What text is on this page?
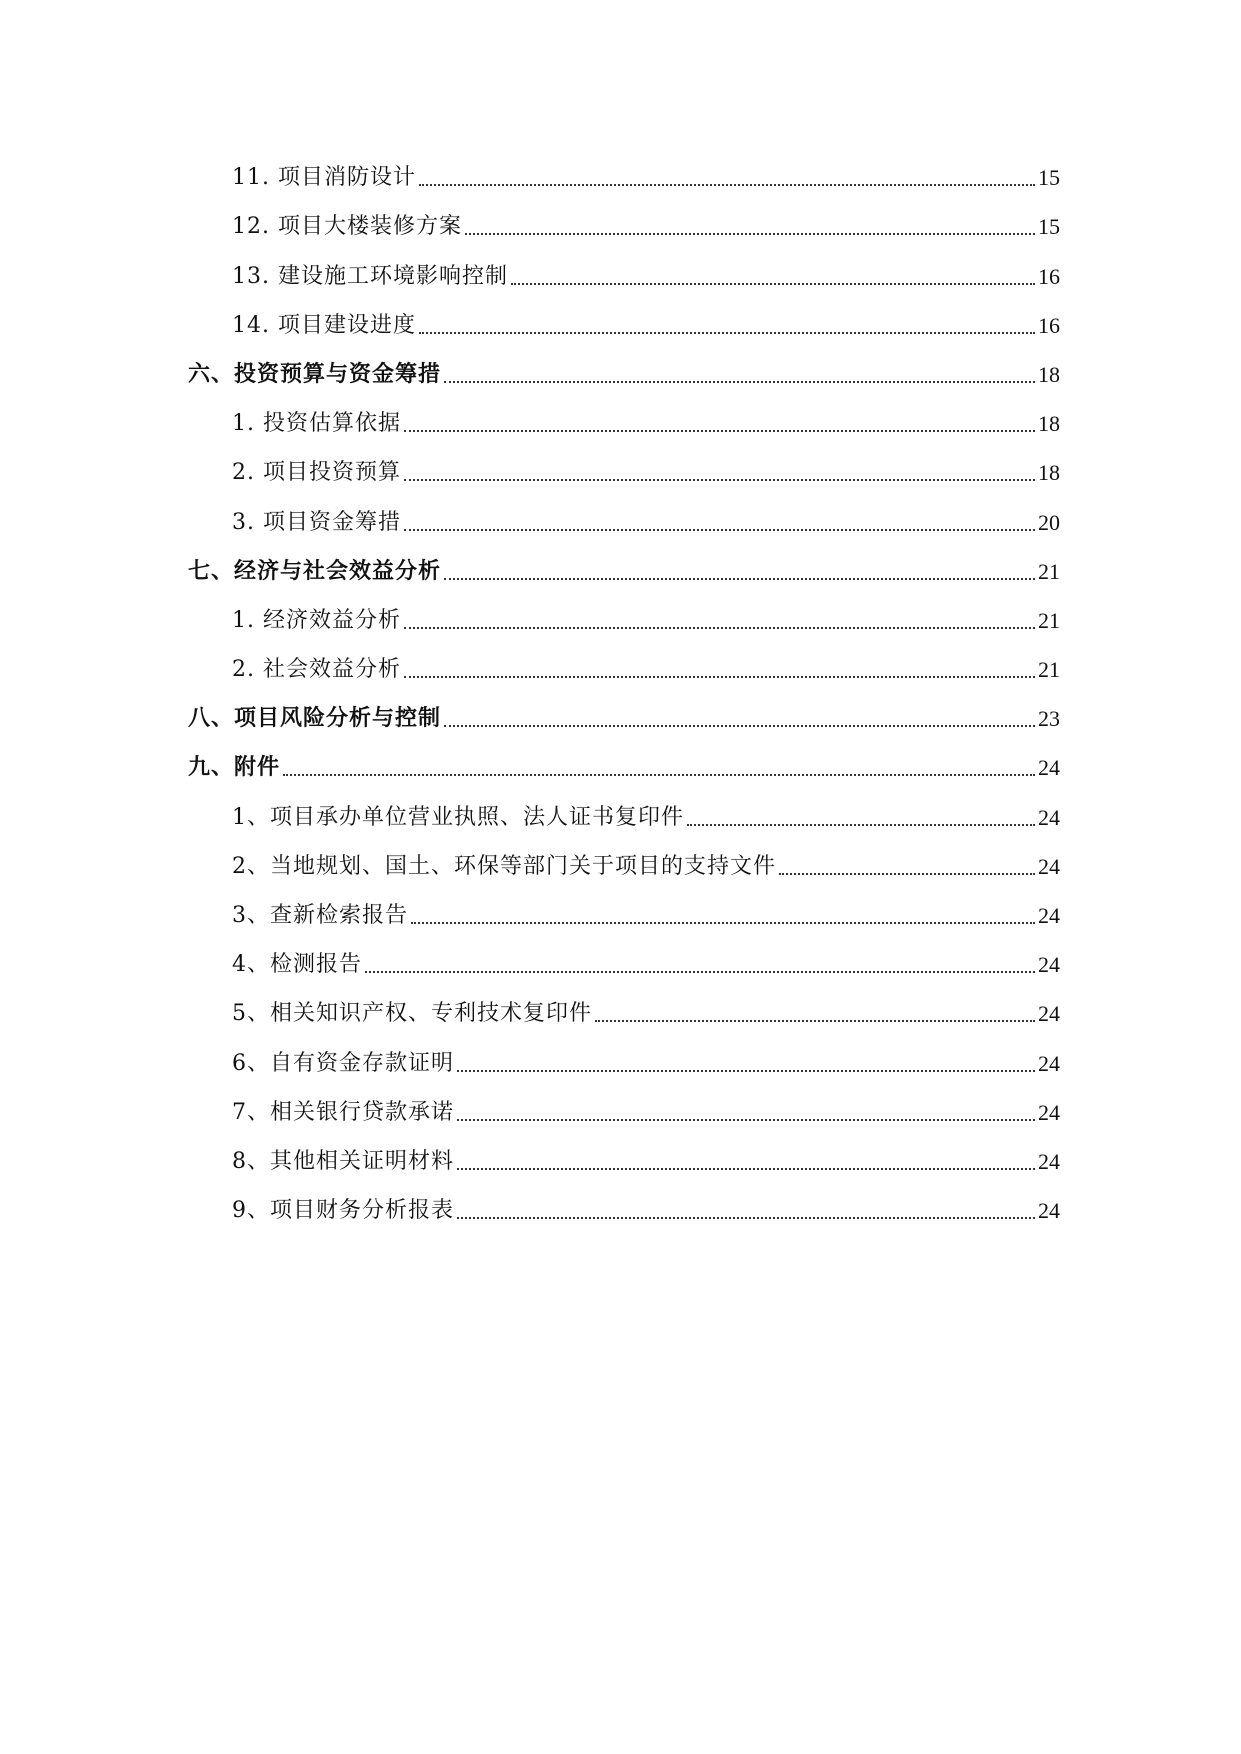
11. 项目消防设计	15
12. 项目大楼装修方案	15
13. 建设施工环境影响控制	16
14. 项目建设进度	16
六、投资预算与资金筹措	18
1. 投资估算依据	18
2. 项目投资预算	18
3. 项目资金筹措	20
七、经济与社会效益分析	21
1. 经济效益分析	21
2. 社会效益分析	21
八、项目风险分析与控制	23
九、附件	24
1、项目承办单位营业执照、法人证书复印件	24
2、当地规划、国土、环保等部门关于项目的支持文件	24
3、查新检索报告	24
4、检测报告	24
5、相关知识产权、专利技术复印件	24
6、自有资金存款证明	24
7、相关银行贷款承诺	24
8、其他相关证明材料	24
9、项目财务分析报表	24
